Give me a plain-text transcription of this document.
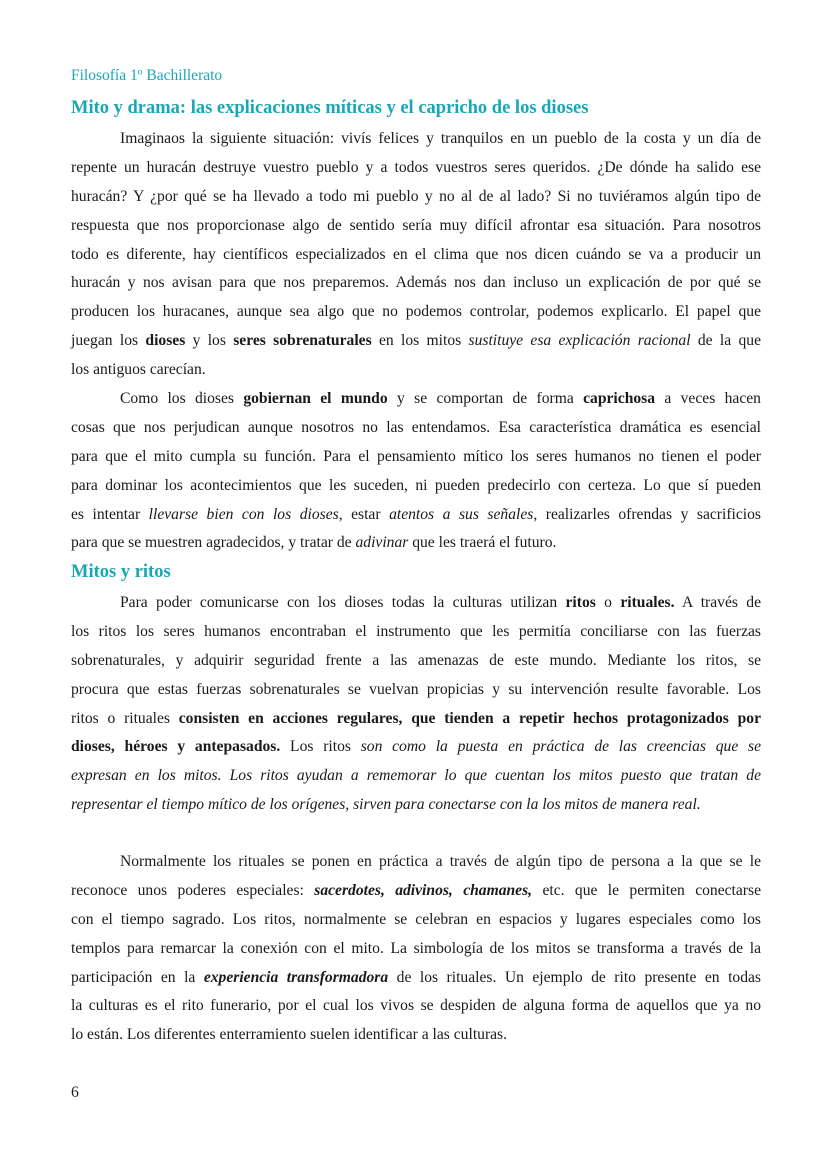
Filosofía 1º Bachillerato
Mito y drama: las explicaciones míticas y el capricho de los dioses
Imaginaos la siguiente situación: vivís felices y tranquilos en un pueblo de la costa y un día de
repente un huracán destruye vuestro pueblo y a todos vuestros seres queridos. ¿De dónde ha salido ese
huracán? Y ¿por qué se ha llevado a todo mi pueblo y no al de al lado? Si no tuviéramos algún tipo de
respuesta que nos proporcionase algo de sentido sería muy difícil afrontar esa situación. Para nosotros
todo es diferente, hay científicos especializados en el clima que nos dicen cuándo se va a producir un
huracán y nos avisan para que nos preparemos. Además nos dan incluso un explicación de por qué se
producen los huracanes, aunque sea algo que no podemos controlar, podemos explicarlo. El papel que
juegan los dioses y los seres sobrenaturales en los mitos sustituye esa explicación racional de la que
los antiguos carecían.
Como los dioses gobiernan el mundo y se comportan de forma caprichosa a veces hacen
cosas que nos perjudican aunque nosotros no las entendamos. Esa característica dramática es esencial
para que el mito cumpla su función. Para el pensamiento mítico los seres humanos no tienen el poder
para dominar los acontecimientos que les suceden, ni pueden predecirlo con certeza. Lo que sí pueden
es intentar llevarse bien con los dioses, estar atentos a sus señales, realizarles ofrendas y sacrificios
para que se muestren agradecidos, y tratar de adivinar que les traerá el futuro.
Mitos y ritos
Para poder comunicarse con los dioses todas la culturas utilizan ritos o rituales. A través de
los ritos los seres humanos encontraban el instrumento que les permitía conciliarse con las fuerzas
sobrenaturales, y adquirir seguridad frente a las amenazas de este mundo. Mediante los ritos, se
procura que estas fuerzas sobrenaturales se vuelvan propicias y su intervención resulte favorable. Los
ritos o rituales consisten en acciones regulares, que tienden a repetir hechos protagonizados por
dioses, héroes y antepasados. Los ritos son como la puesta en práctica de las creencias que se
expresan en los mitos. Los ritos ayudan a rememorar lo que cuentan los mitos puesto que tratan de
representar el tiempo mítico de los orígenes, sirven para conectarse con la los mitos de manera real.
Normalmente los rituales se ponen en práctica a través de algún tipo de persona a la que se le
reconoce unos poderes especiales: sacerdotes, adivinos, chamanes, etc. que le permiten conectarse
con el tiempo sagrado. Los ritos, normalmente se celebran en espacios y lugares especiales como los
templos para remarcar la conexión con el mito. La simbología de los mitos se transforma a través de la
participación en la experiencia transformadora de los rituales. Un ejemplo de rito presente en todas
la culturas es el rito funerario, por el cual los vivos se despiden de alguna forma de aquellos que ya no
lo están. Los diferentes enterramiento suelen identificar a las culturas.
6
